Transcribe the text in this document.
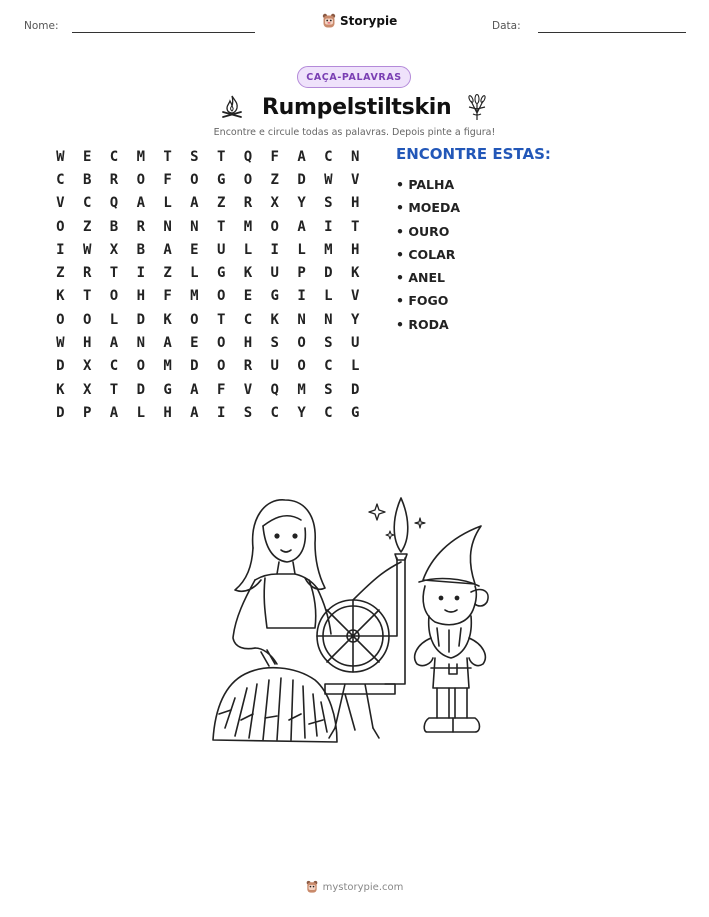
Nome:	Storypie	Data:
CAÇA-PALAVRAS
Rumpelstiltskin
Encontre e circule todas as palavras. Depois pinte a figura!
W	E	C	M	T	S	T	Q	F	A	C	N
C	B	R	O	F	O	G	O	Z	D	W	V
V	C	Q	A	L	A	Z	R	X	Y	S	H
O	Z	B	R	N	N	T	M	O	A	I	T
I	W	X	B	A	E	U	L	I	L	M	H
Z	R	T	I	Z	L	G	K	U	P	D	K
K	T	O	H	F	M	O	E	G	I	L	V
O	O	L	D	K	O	T	C	K	N	N	Y
W	H	A	N	A	E	O	H	S	O	S	U
D	X	C	O	M	D	O	R	U	O	C	L
K	X	T	D	G	A	F	V	Q	M	S	D
D	P	A	L	H	A	I	S	C	Y	C	G
ENCONTRE ESTAS:
• PALHA
• MOEDA
• OURO
• COLAR
• ANEL
• FOGO
• RODA
mystorypie.com
